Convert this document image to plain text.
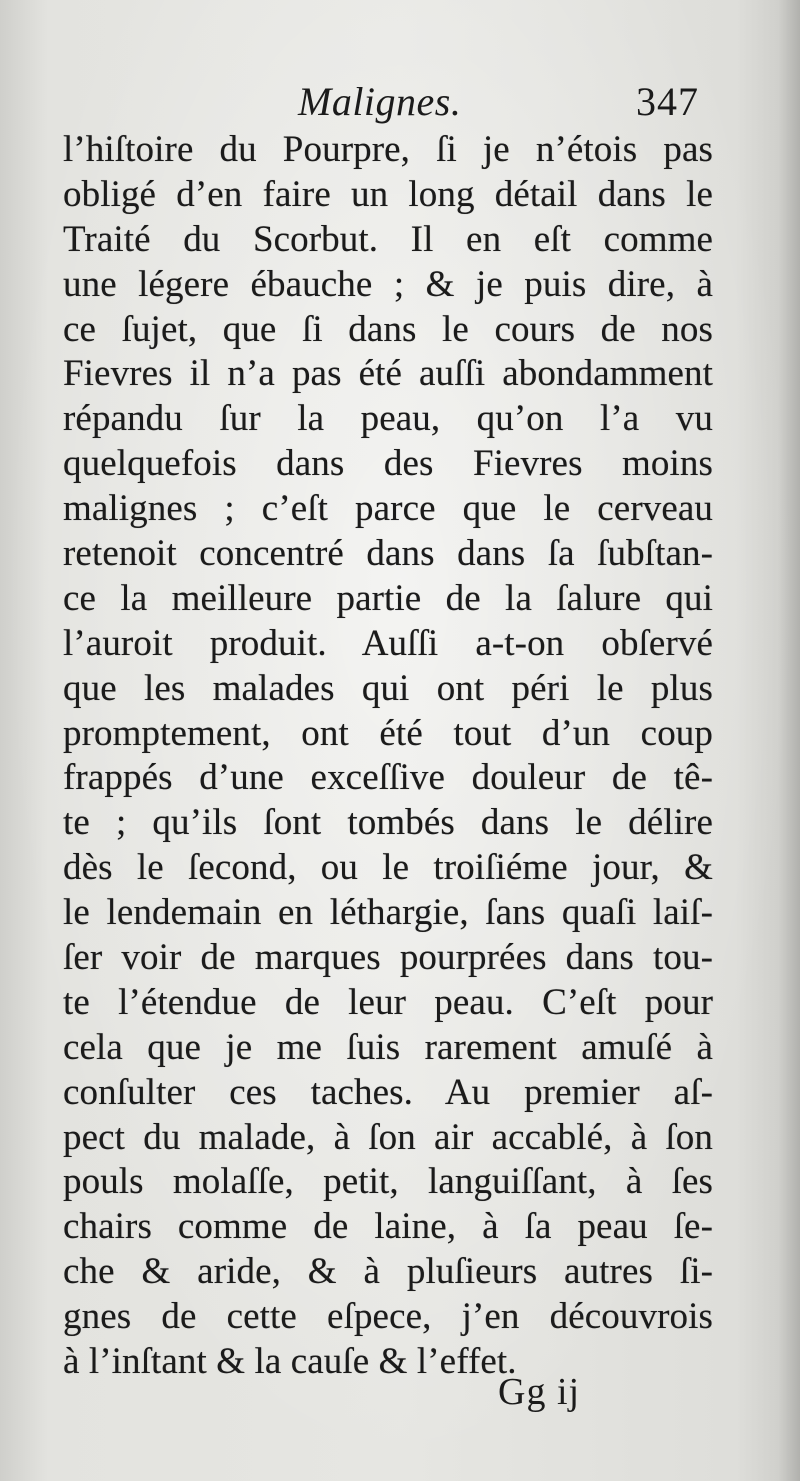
Malignes.	347
l’hiſtoire du Pourpre, ſi je n’étois pas
obligé d’en faire un long détail dans le
Traité du Scorbut. Il en eſt comme
une légere ébauche ; & je puis dire, à
ce ſujet, que ſi dans le cours de nos
Fievres il n’a pas été auſſi abondamment
répandu ſur la peau, qu’on l’a vu
quelquefois dans des Fievres moins
malignes ; c’eſt parce que le cerveau
retenoit concentré dans dans ſa ſubſtan-
ce la meilleure partie de la ſalure qui
l’auroit produit. Auſſi a-t-on obſervé
que les malades qui ont péri le plus
promptement, ont été tout d’un coup
frappés d’une exceſſive douleur de tê-
te ; qu’ils ſont tombés dans le délire
dès le ſecond, ou le troiſiéme jour, &
le lendemain en léthargie, ſans quaſi laiſ-
ſer voir de marques pourprées dans tou-
te l’étendue de leur peau. C’eſt pour
cela que je me ſuis rarement amuſé à
conſulter ces taches. Au premier aſ-
pect du malade, à ſon air accablé, à ſon
pouls molaſſe, petit, languiſſant, à ſes
chairs comme de laine, à ſa peau ſe-
che & aride, & à pluſieurs autres ſi-
gnes de cette eſpece, j’en découvrois
à l’inſtant & la cauſe & l’effet.
Gg ij
